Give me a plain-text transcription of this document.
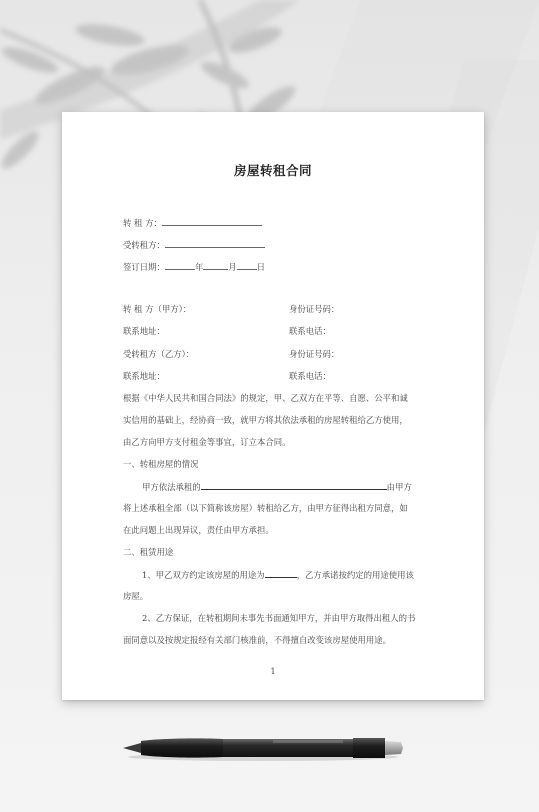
房屋转租合同
转 租 方：
受转租方：
签订日期：	年	月 日
转 租 方（甲方）：	身份证号码：
联系地址：	联系电话：
受转租方（乙方）：	身份证号码：
联系地址：	联系电话：
根据《中华人民共和国合同法》的规定，甲、乙双方在平等、自愿、公平和诚
实信用的基础上，经协商一致，就甲方将其依法承租的房屋转租给乙方使用，
由乙方向甲方支付租金等事宜，订立本合同。
一、转租房屋的情况
甲方依法承租的	由甲方
将上述承租全部（以下简称该房屋）转租给乙方，由甲方征得出租方同意，如
在此问题上出现异议，责任由甲方承担。
二、租赁用途
1、甲乙双方约定该房屋的用途为	，乙方承诺按约定的用途使用该
房屋。
2、乙方保证，在转租期间未事先书面通知甲方，并由甲方取得出租人的书
面同意以及按规定报经有关部门核准前，不得擅自改变该房屋使用用途。
1
